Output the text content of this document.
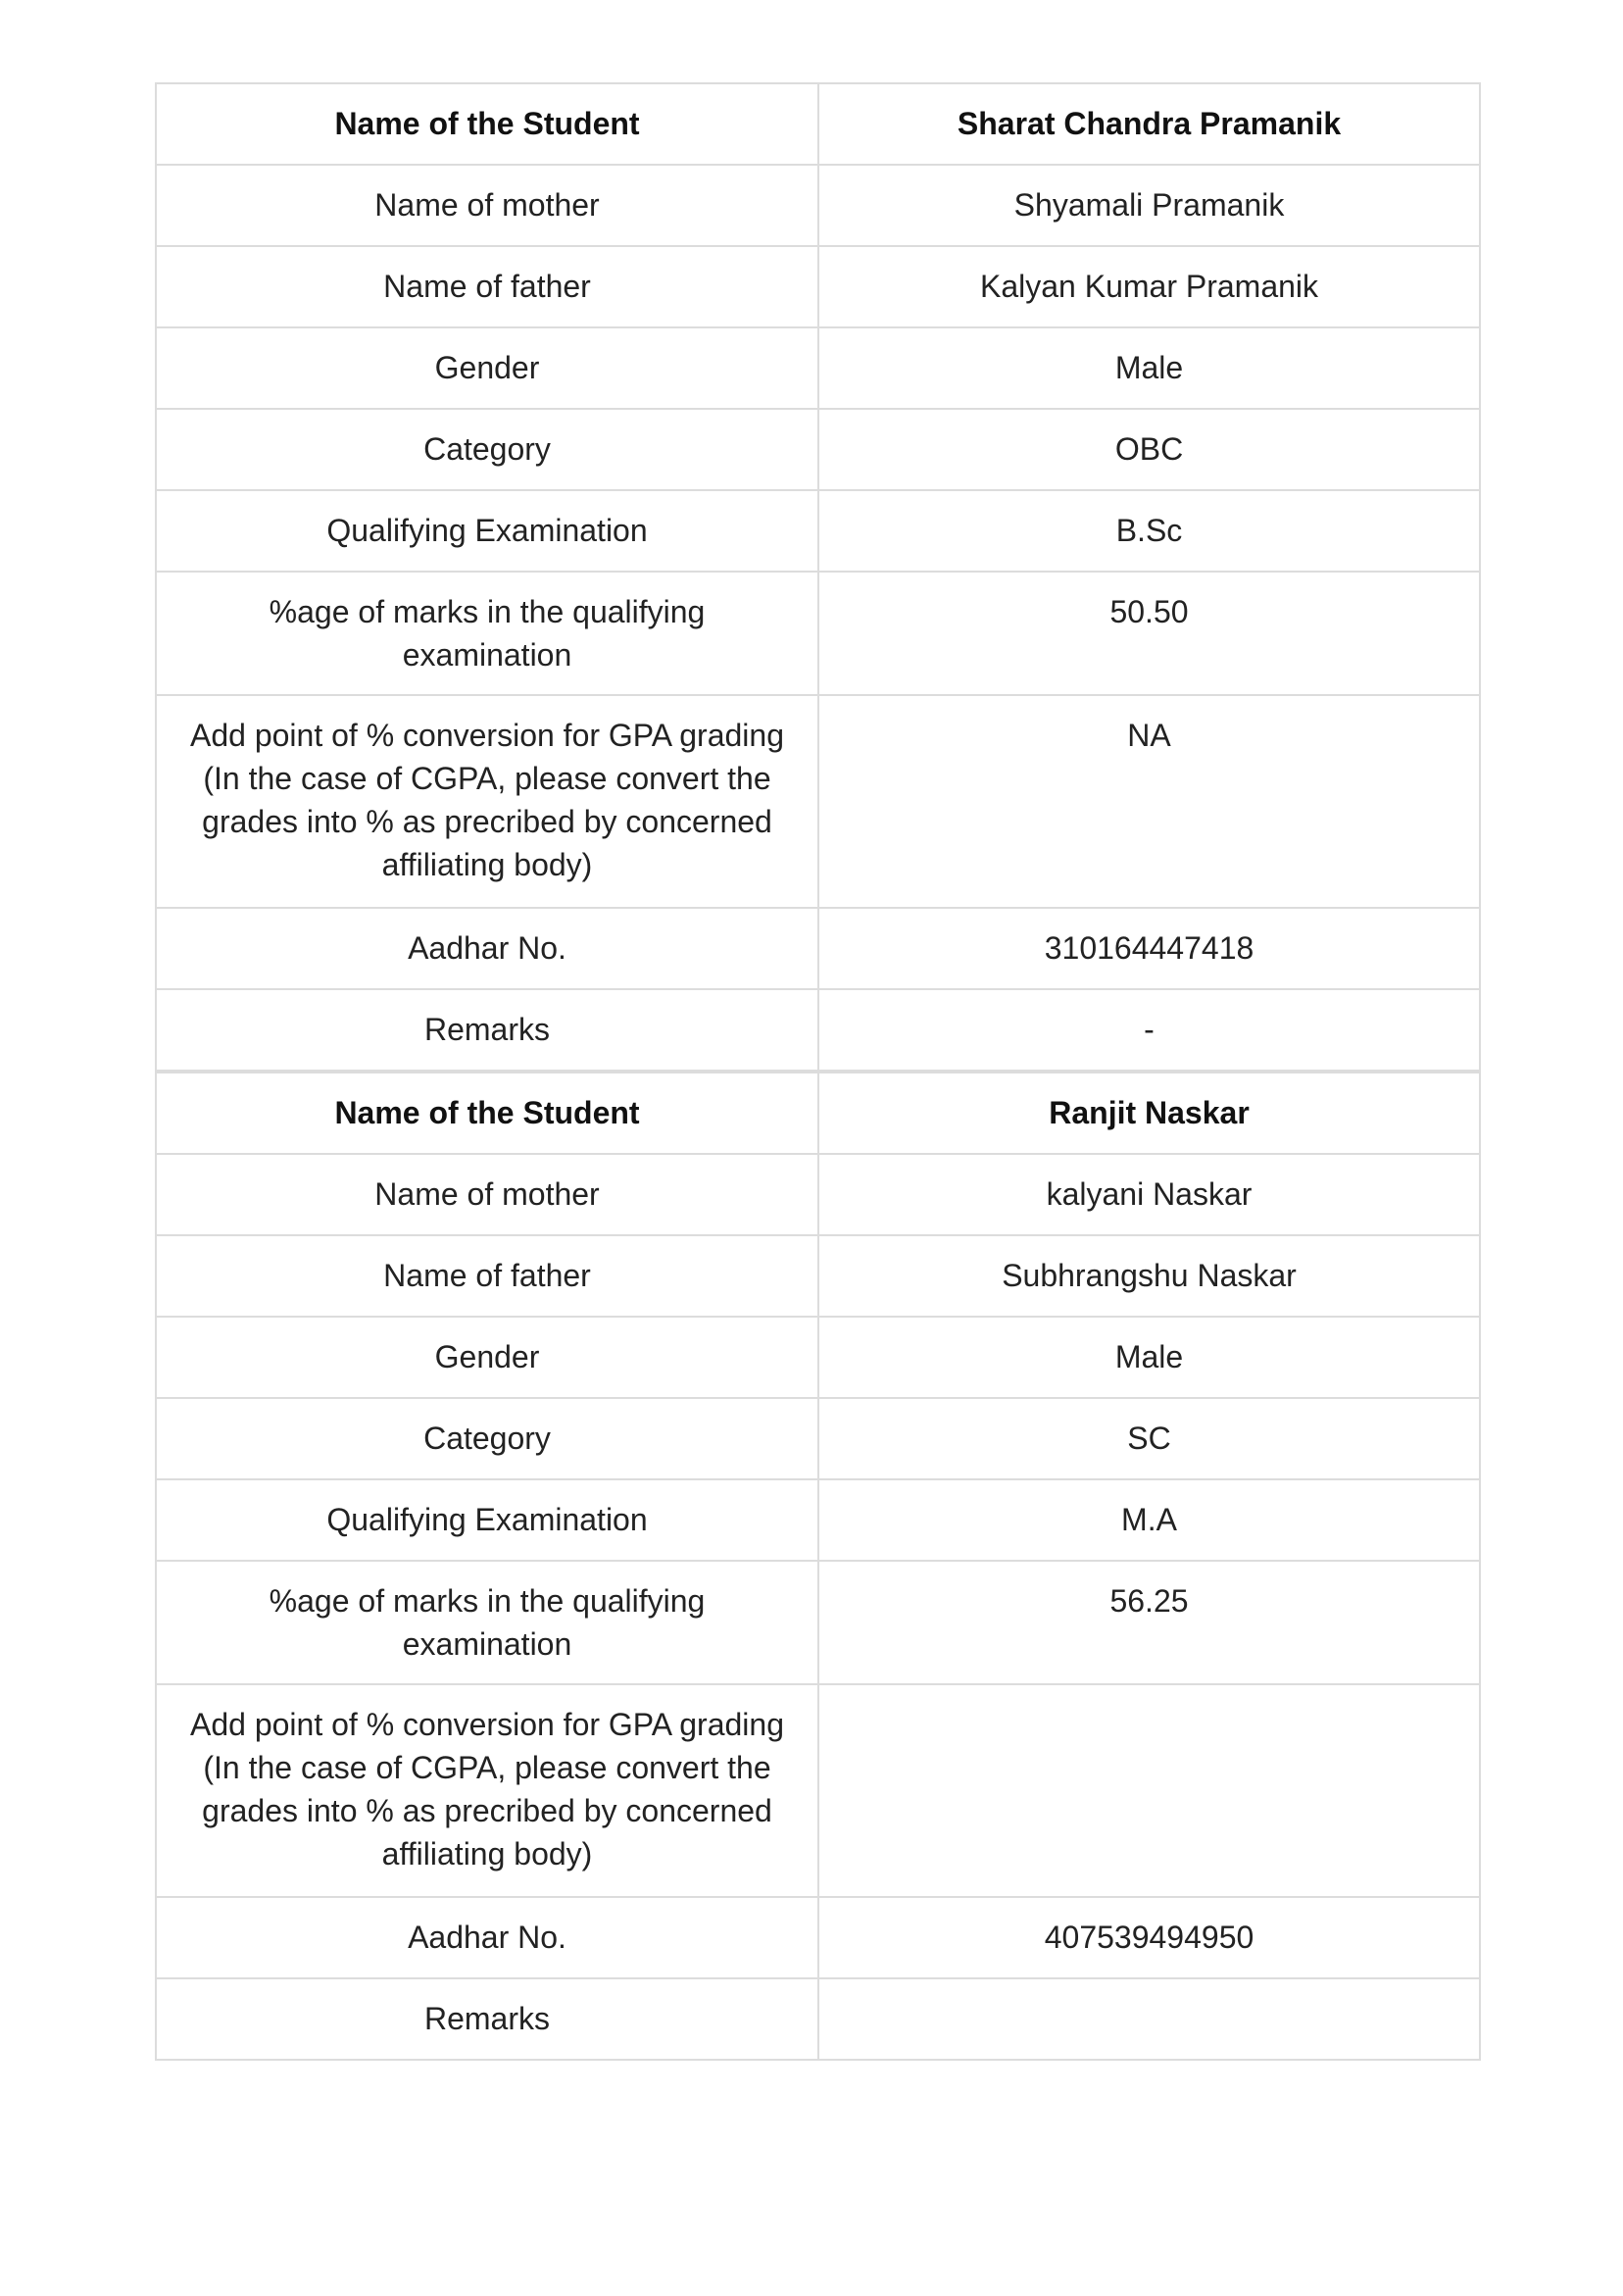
Name of the Student	Sharat Chandra Pramanik
Name of mother	Shyamali Pramanik
Name of father	Kalyan Kumar Pramanik
Gender	Male
Category	OBC
Qualifying Examination	B.Sc
%age of marks in the qualifying examination	50.50
Add point of % conversion for GPA grading (In the case of CGPA, please convert the grades into % as precribed by concerned affiliating body)	NA
Aadhar No.	310164447418
Remarks	-
Name of the Student	Ranjit Naskar
Name of mother	kalyani Naskar
Name of father	Subhrangshu Naskar
Gender	Male
Category	SC
Qualifying Examination	M.A
%age of marks in the qualifying examination	56.25
Add point of % conversion for GPA grading (In the case of CGPA, please convert the grades into % as precribed by concerned affiliating body)	
Aadhar No.	407539494950
Remarks	
